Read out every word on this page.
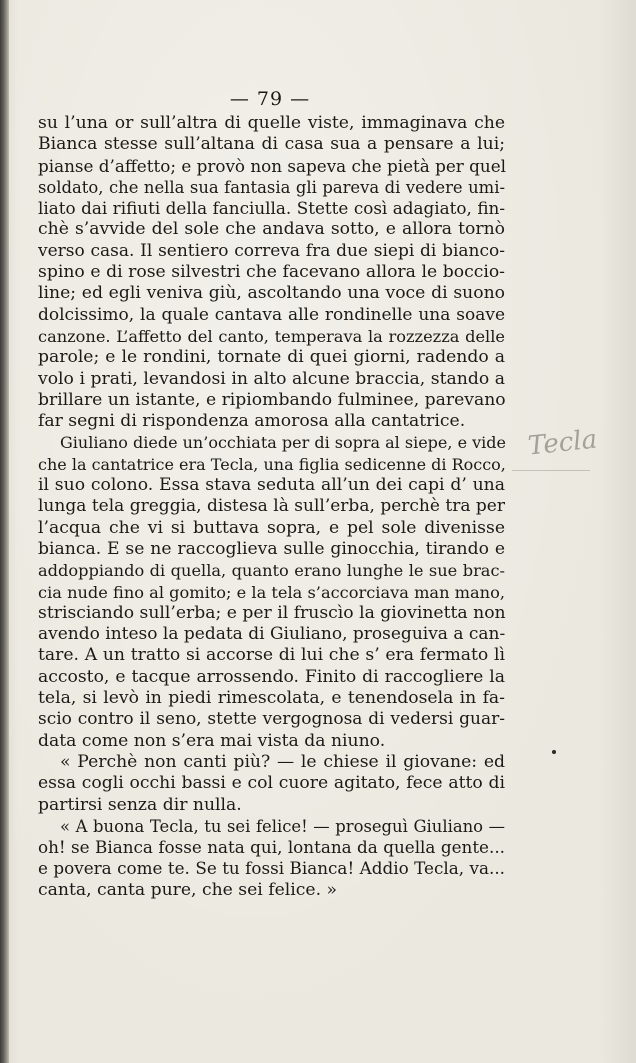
— 79 —
su l’una or sull’altra di quelle viste, immaginava che
Bianca stesse sull’altana di casa sua a pensare a lui;
pianse d’affetto; e provò non sapeva che pietà per quel
soldato, che nella sua fantasia gli pareva di vedere umi-
liato dai rifiuti della fanciulla. Stette così adagiato, fin-
chè s’avvide del sole che andava sotto, e allora tornò
verso casa. Il sentiero correva fra due siepi di bianco-
spino e di rose silvestri che facevano allora le boccio-
line; ed egli veniva giù, ascoltando una voce di suono
dolcissimo, la quale cantava alle rondinelle una soave
canzone. L’affetto del canto, temperava la rozzezza delle
parole; e le rondini, tornate di quei giorni, radendo a
volo i prati, levandosi in alto alcune braccia, stando a
brillare un istante, e ripiombando fulminee, parevano
far segni di rispondenza amorosa alla cantatrice.
Giuliano diede un’occhiata per di sopra al siepe, e vide
che la cantatrice era Tecla, una figlia sedicenne di Rocco,
il suo colono. Essa stava seduta all’un dei capi d’ una
lunga tela greggia, distesa là sull’erba, perchè tra per
l’acqua che vi si buttava sopra, e pel sole divenisse
bianca. E se ne raccoglieva sulle ginocchia, tirando e
addoppiando di quella, quanto erano lunghe le sue brac-
cia nude fino al gomito; e la tela s’accorciava man mano,
strisciando sull’erba; e per il fruscìo la giovinetta non
avendo inteso la pedata di Giuliano, proseguiva a can-
tare. A un tratto si accorse di lui che s’ era fermato lì
accosto, e tacque arrossendo. Finito di raccogliere la
tela, si levò in piedi rimescolata, e tenendosela in fa-
scio contro il seno, stette vergognosa di vedersi guar-
data come non s’era mai vista da niuno.
« Perchè non canti più? — le chiese il giovane: ed
essa cogli occhi bassi e col cuore agitato, fece atto di
partirsi senza dir nulla.
« A buona Tecla, tu sei felice! — proseguì Giuliano —
oh! se Bianca fosse nata qui, lontana da quella gente...
e povera come te. Se tu fossi Bianca! Addio Tecla, va...
canta, canta pure, che sei felice. »
Tecla
